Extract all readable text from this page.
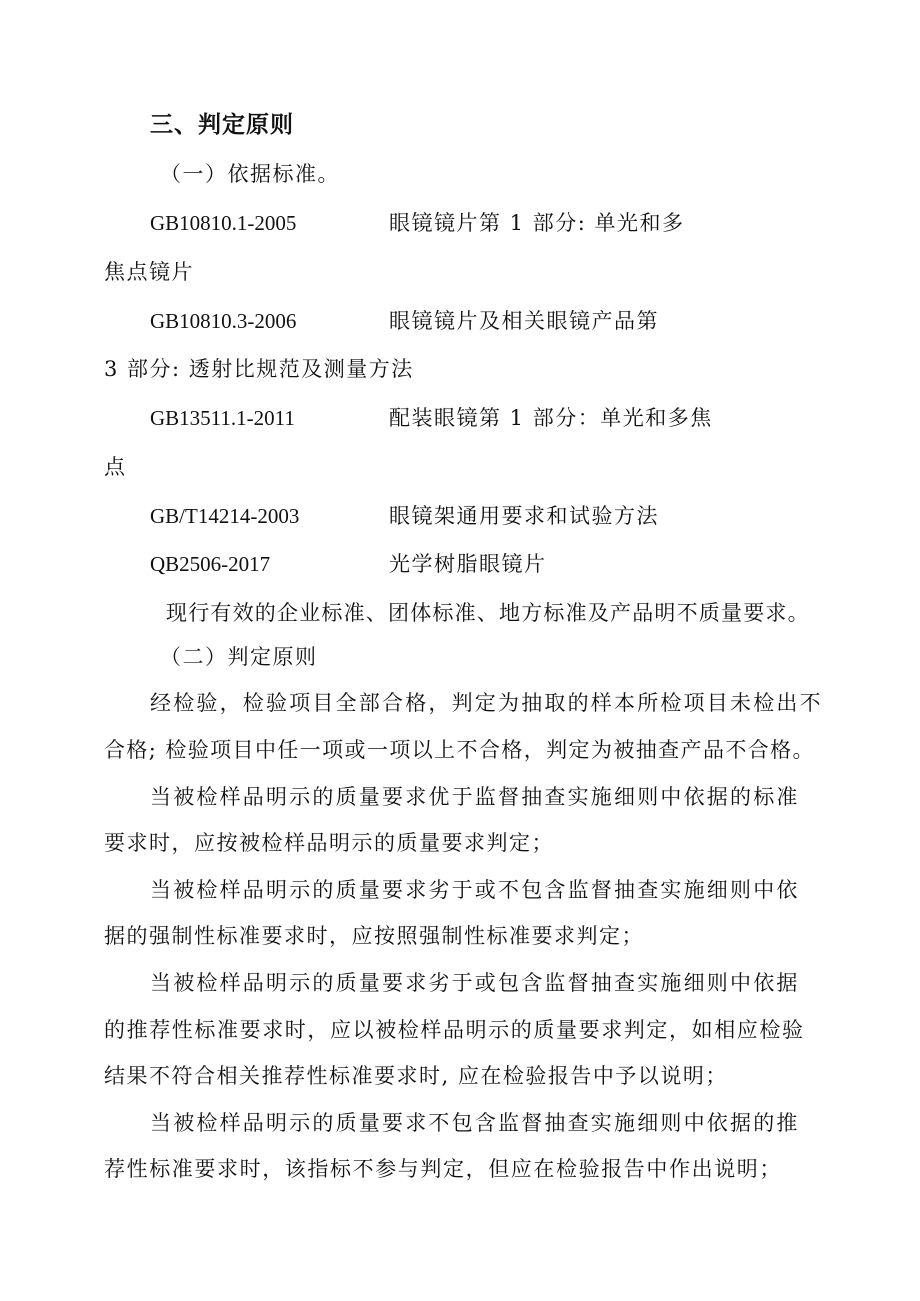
三、判定原则
（一）依据标准。
GB10810.1-2005	眼镜镜片第 1 部分: 单光和多
焦点镜片
GB10810.3-2006	眼镜镜片及相关眼镜产品第
3 部分: 透射比规范及测量方法
GB13511.1-2011	配装眼镜第 1 部分：单光和多焦
点
GB/T14214-2003	眼镜架通用要求和试验方法
QB2506-2017	光学树脂眼镜片
现行有效的企业标准、团体标准、地方标准及产品明不质量要求。
（二）判定原则
经检验，检验项目全部合格，判定为抽取的样本所检项目未检出不
合格; 检验项目中任一项或一项以上不合格，判定为被抽查产品不合格。
当被检样品明示的质量要求优于监督抽查实施细则中依据的标准
要求时，应按被检样品明示的质量要求判定；
当被检样品明示的质量要求劣于或不包含监督抽查实施细则中依
据的强制性标准要求时，应按照强制性标准要求判定；
当被检样品明示的质量要求劣于或包含监督抽查实施细则中依据
的推荐性标准要求时，应以被检样品明示的质量要求判定，如相应检验
结果不符合相关推荐性标准要求时, 应在检验报告中予以说明；
当被检样品明示的质量要求不包含监督抽查实施细则中依据的推
荐性标准要求时，该指标不参与判定，但应在检验报告中作出说明；
